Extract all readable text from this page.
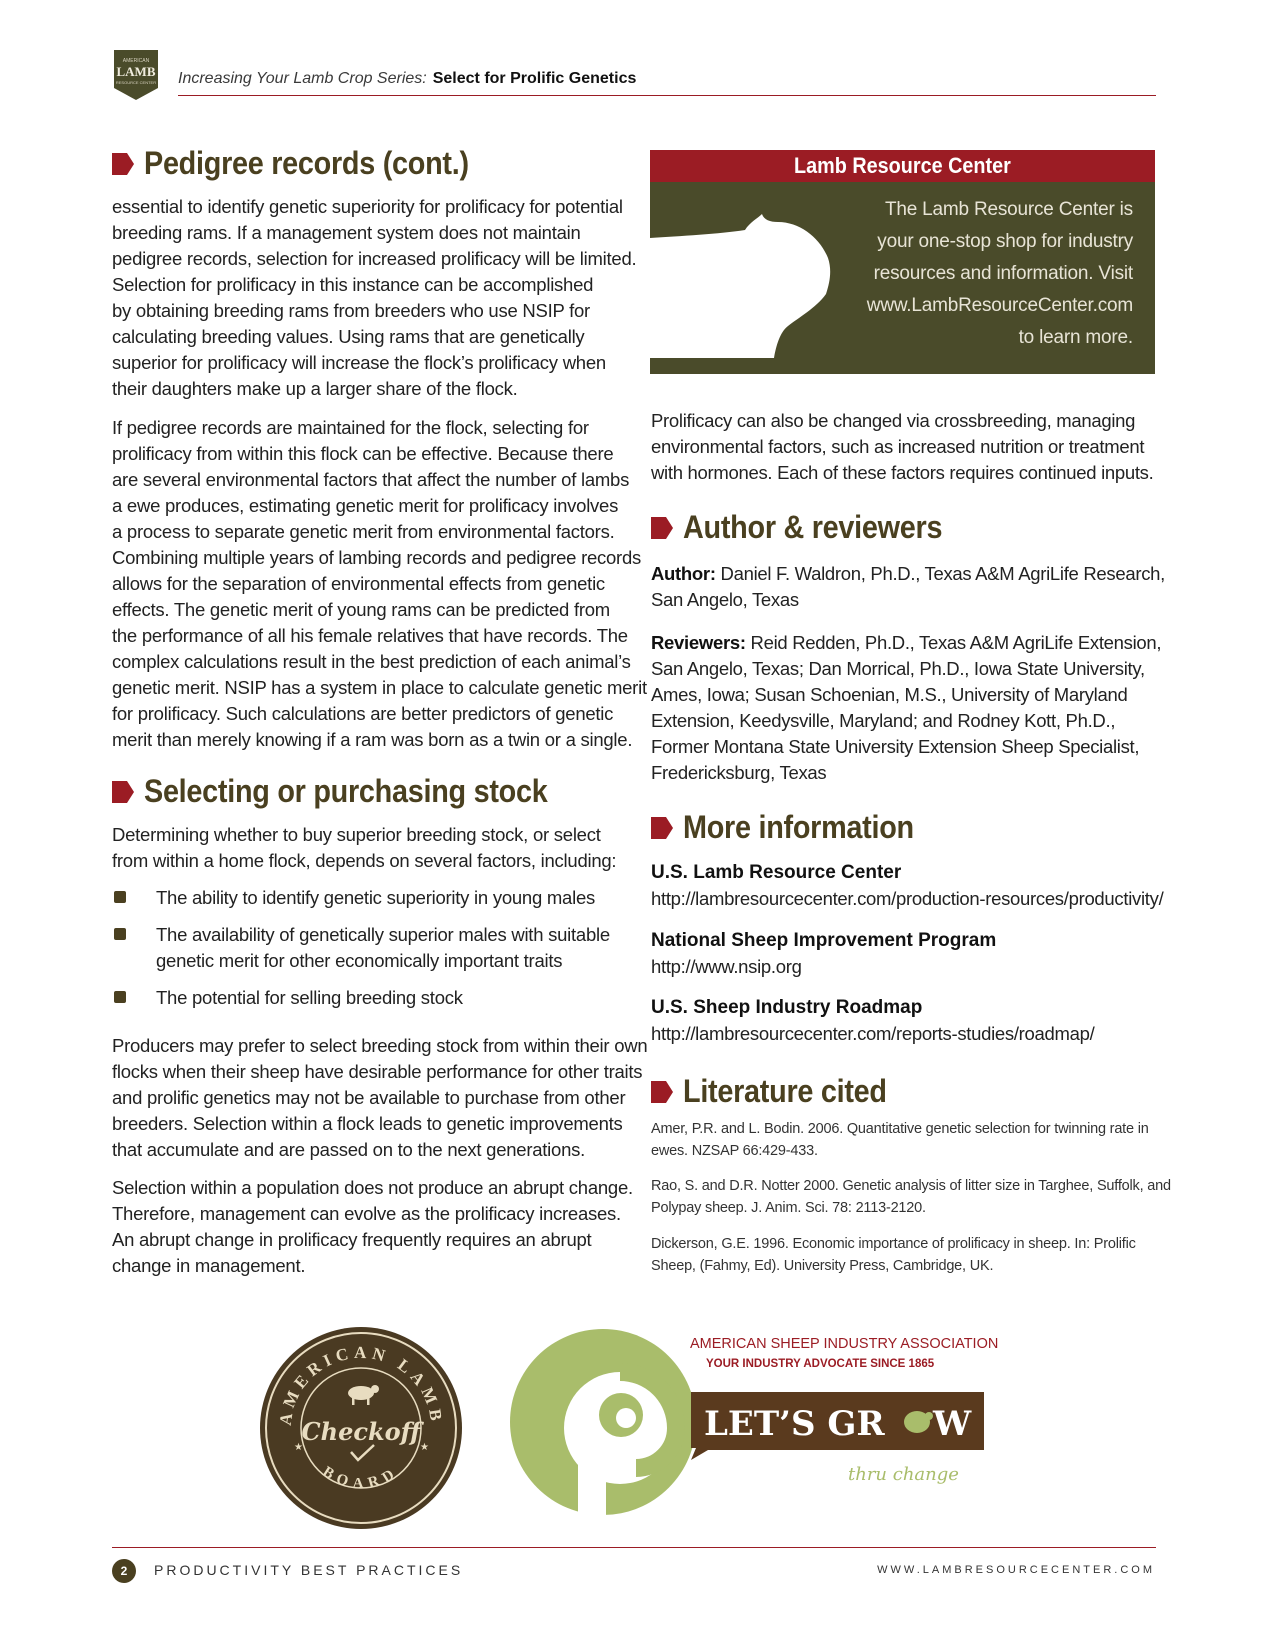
AMERICAN
LAMB
RESOURCE CENTER Increasing Your Lamb Crop Series: Select for Prolific Genetics
Pedigree records (cont.)
essential to identify genetic superiority for prolificacy for potential
breeding rams. If a management system does not maintain
pedigree records, selection for increased prolificacy will be limited.
Selection for prolificacy in this instance can be accomplished
by obtaining breeding rams from breeders who use NSIP for
calculating breeding values. Using rams that are genetically
superior for prolificacy will increase the flock’s prolificacy when
their daughters make up a larger share of the flock.
If pedigree records are maintained for the flock, selecting for
prolificacy from within this flock can be effective. Because there
are several environmental factors that affect the number of lambs
a ewe produces, estimating genetic merit for prolificacy involves
a process to separate genetic merit from environmental factors.
Combining multiple years of lambing records and pedigree records
allows for the separation of environmental effects from genetic
effects. The genetic merit of young rams can be predicted from
the performance of all his female relatives that have records. The
complex calculations result in the best prediction of each animal’s
genetic merit. NSIP has a system in place to calculate genetic merit
for prolificacy. Such calculations are better predictors of genetic
merit than merely knowing if a ram was born as a twin or a single.
Selecting or purchasing stock
Determining whether to buy superior breeding stock, or select
from within a home flock, depends on several factors, including:
The ability to identify genetic superiority in young males
The availability of genetically superior males with suitable
genetic merit for other economically important traits
The potential for selling breeding stock
Producers may prefer to select breeding stock from within their own
flocks when their sheep have desirable performance for other traits
and prolific genetics may not be available to purchase from other
breeders. Selection within a flock leads to genetic improvements
that accumulate and are passed on to the next generations.
Selection within a population does not produce an abrupt change.
Therefore, management can evolve as the prolificacy increases.
An abrupt change in prolificacy frequently requires an abrupt
change in management.
Lamb Resource Center
The Lamb Resource Center is
your one-stop shop for industry
resources and information. Visit
www.LambResourceCenter.com
to learn more.
Prolificacy can also be changed via crossbreeding, managing
environmental factors, such as increased nutrition or treatment
with hormones. Each of these factors requires continued inputs.
Author & reviewers
Author: Daniel F. Waldron, Ph.D., Texas A&M AgriLife Research,
San Angelo, Texas
Reviewers: Reid Redden, Ph.D., Texas A&M AgriLife Extension,
San Angelo, Texas; Dan Morrical, Ph.D., Iowa State University,
Ames, Iowa; Susan Schoenian, M.S., University of Maryland
Extension, Keedysville, Maryland; and Rodney Kott, Ph.D.,
Former Montana State University Extension Sheep Specialist,
Fredericksburg, Texas
More information
U.S. Lamb Resource Center
http://lambresourcecenter.com/production-resources/productivity/
National Sheep Improvement Program
http://www.nsip.org
U.S. Sheep Industry Roadmap
http://lambresourcecenter.com/reports-studies/roadmap/
Literature cited
Amer, P.R. and L. Bodin. 2006. Quantitative genetic selection for twinning rate in
ewes. NZSAP 66:429-433.
Rao, S. and D.R. Notter 2000. Genetic analysis of litter size in Targhee, Suffolk, and
Polypay sheep. J. Anim. Sci. 78: 2113-2120.
Dickerson, G.E. 1996. Economic importance of prolificacy in sheep. In: Prolific
Sheep, (Fahmy, Ed). University Press, Cambridge, UK.
AMERICAN LAMB
BOARD
Checkoff
★	★
AMERICAN SHEEP INDUSTRY ASSOCIATION
YOUR INDUSTRY ADVOCATE SINCE 1865
LET’S GR W
thru change
2	PRODUCTIVITY BEST PRACTICES	WWW.LAMBRESOURCECENTER.COM
